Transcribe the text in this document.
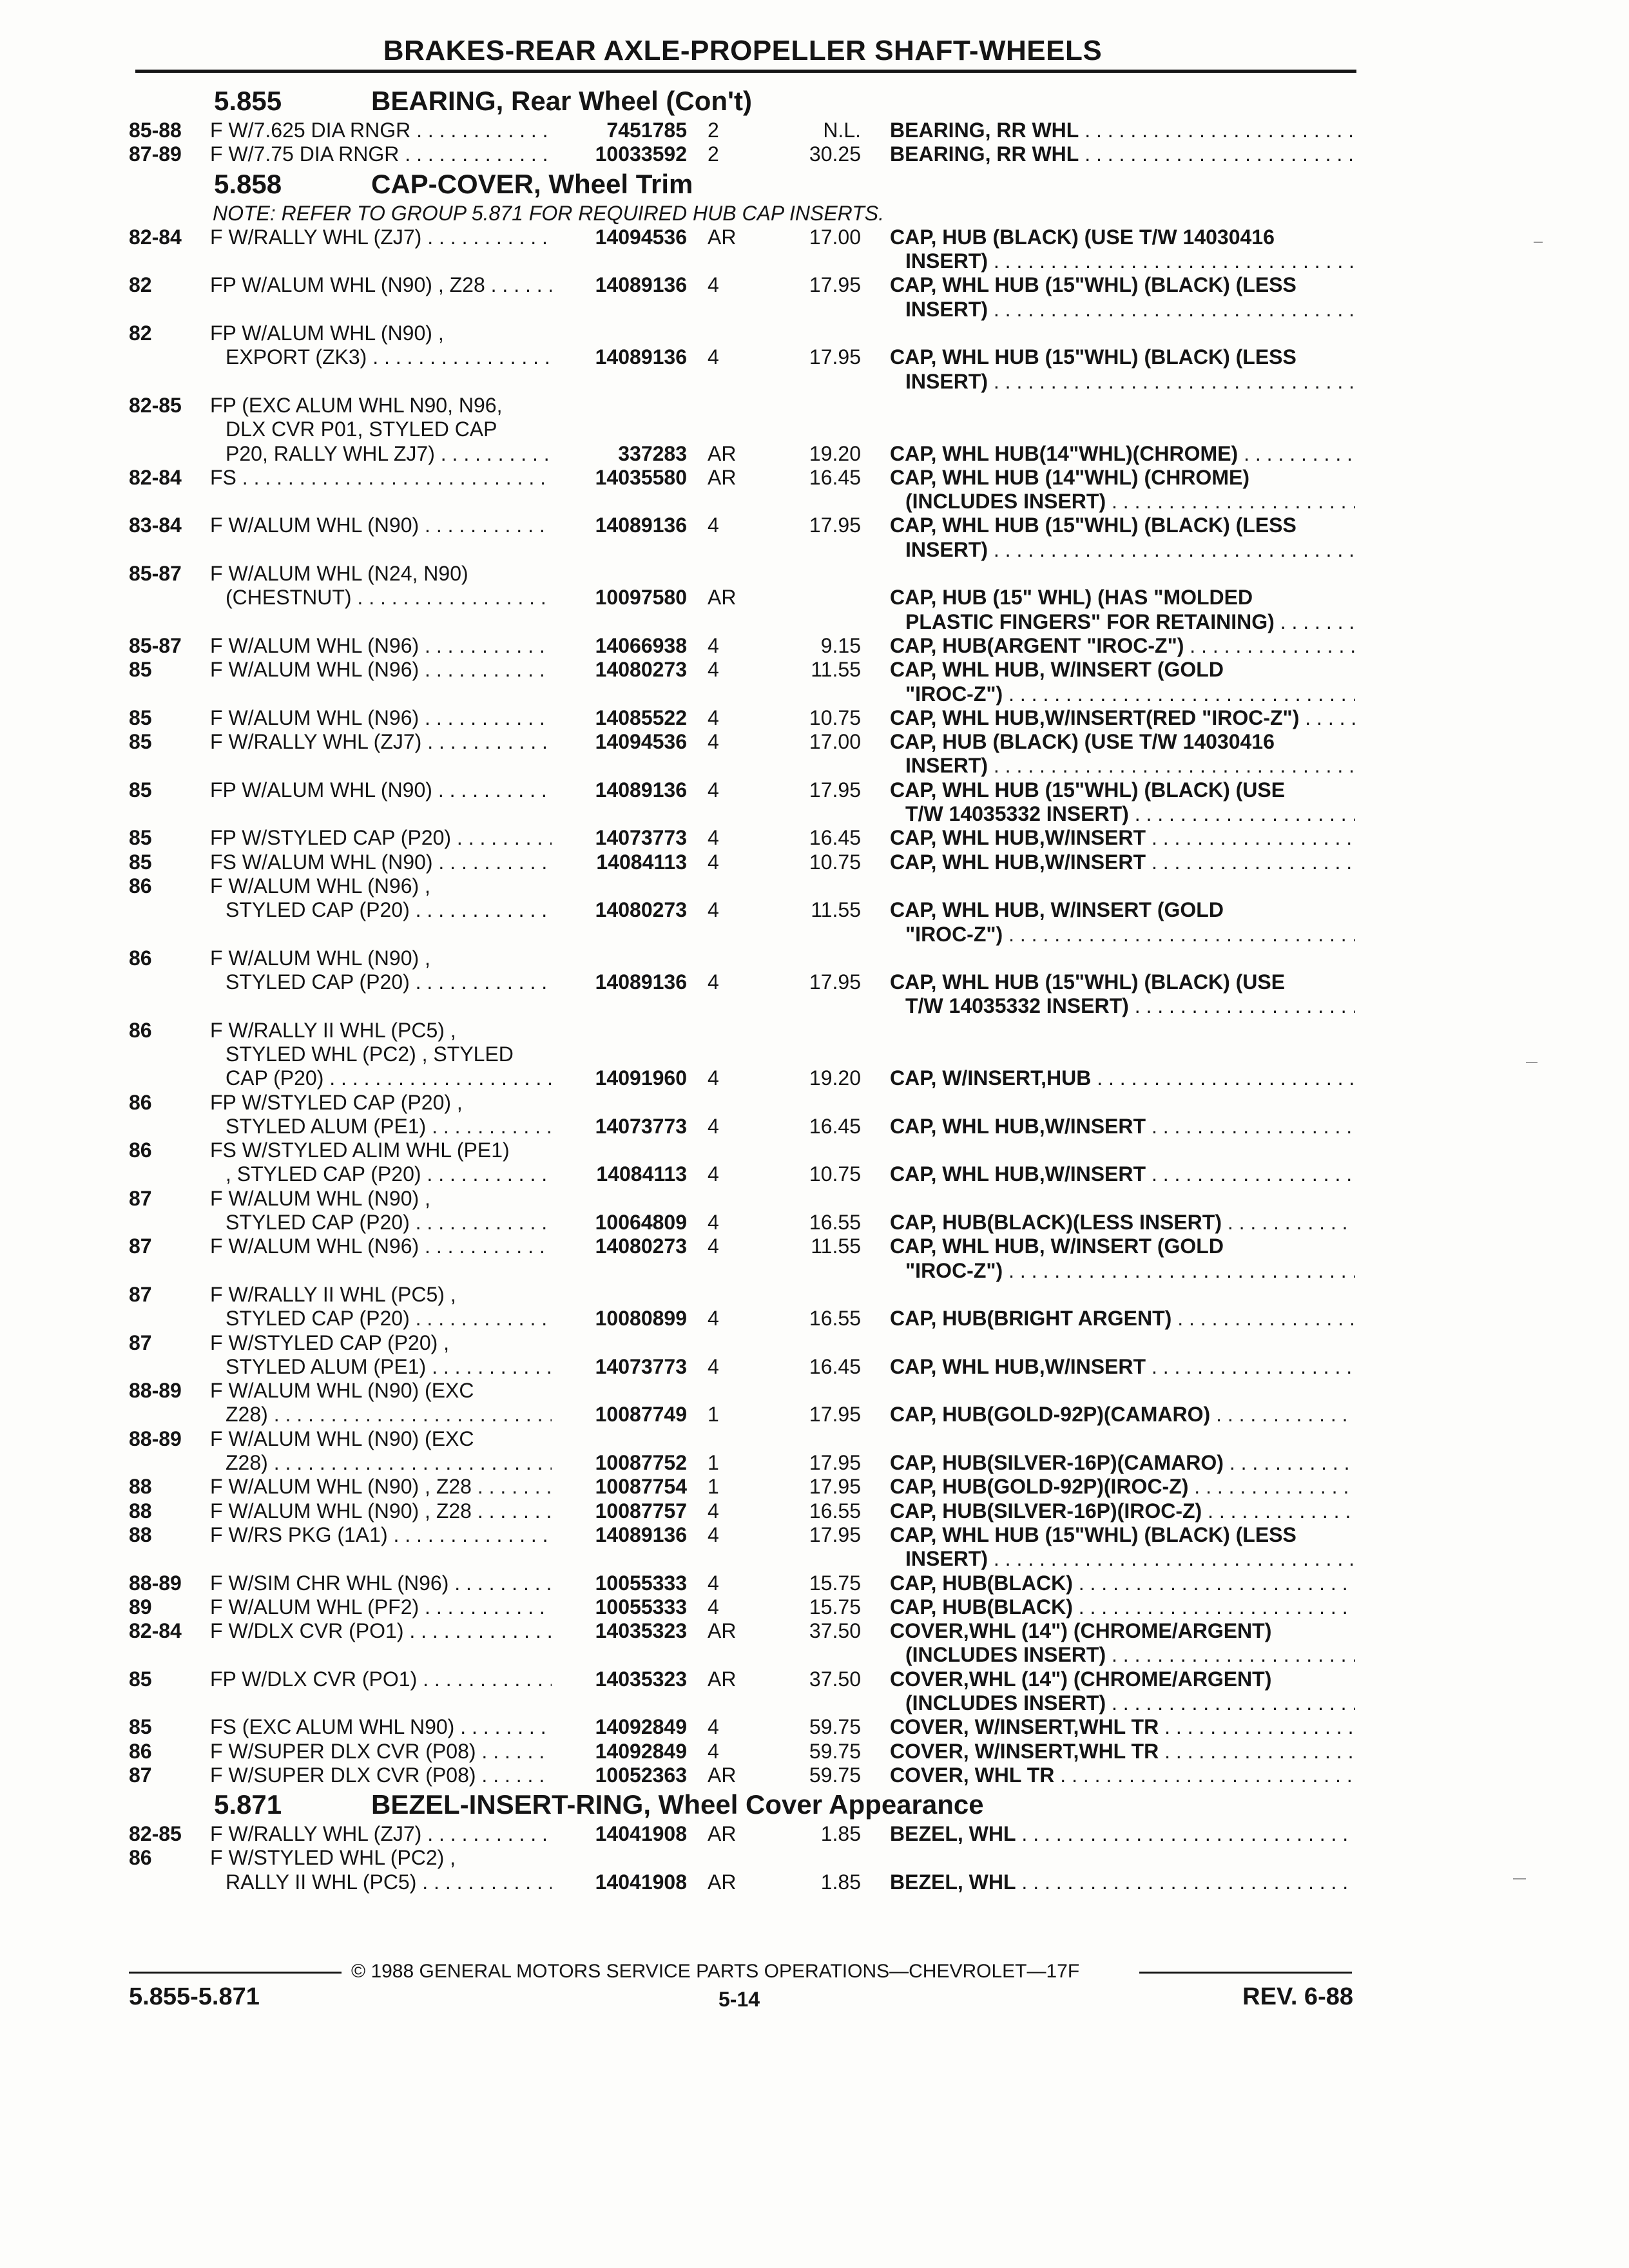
BRAKES-REAR AXLE-PROPELLER SHAFT-WHEELS
5.855	BEARING, Rear Wheel (Con't)
85-88 F W/7.625 DIA RNGR . . .	7451785 2	N.L. BEARING, RR WHL . . .
87-89 F W/7.75 DIA RNGR . . .	10033592 2	30.25 BEARING, RR WHL . . .
5.858	CAP-COVER, Wheel Trim
NOTE: REFER TO GROUP 5.871 FOR REQUIRED HUB CAP INSERTS.
82-84 F W/RALLY WHL (ZJ7) . . .	14094536 AR	17.00 CAP, HUB (BLACK) (USE T/W 14030416
INSERT) . . .
82	FP W/ALUM WHL (N90) , Z28 . . .	14089136 4	17.95 CAP, WHL HUB (15"WHL) (BLACK) (LESS
INSERT) . . .
82	FP W/ALUM WHL (N90) ,
EXPORT (ZK3) . . .	14089136 4	17.95 CAP, WHL HUB (15"WHL) (BLACK) (LESS
INSERT) . . .
82-85 FP (EXC ALUM WHL N90, N96,
DLX CVR P01, STYLED CAP
P20, RALLY WHL ZJ7) . . .	337283 AR	19.20 CAP, WHL HUB(14"WHL)(CHROME) . . .
82-84 FS . . .	14035580 AR	16.45 CAP, WHL HUB (14"WHL) (CHROME)
(INCLUDES INSERT) . . .
83-84 F W/ALUM WHL (N90) . . .	14089136 4	17.95 CAP, WHL HUB (15"WHL) (BLACK) (LESS
INSERT) . . .
85-87 F W/ALUM WHL (N24, N90)
(CHESTNUT) . . .	10097580 AR	CAP, HUB (15" WHL) (HAS "MOLDED
PLASTIC FINGERS" FOR RETAINING) . . .
85-87 F W/ALUM WHL (N96) . . .	14066938 4	9.15 CAP, HUB(ARGENT "IROC-Z") . . .
85	F W/ALUM WHL (N96) . . .	14080273 4	11.55 CAP, WHL HUB, W/INSERT (GOLD
"IROC-Z") . . .
85	F W/ALUM WHL (N96) . . .	14085522 4	10.75 CAP, WHL HUB,W/INSERT(RED "IROC-Z") . . .
85	F W/RALLY WHL (ZJ7) . . .	14094536 4	17.00 CAP, HUB (BLACK) (USE T/W 14030416
INSERT) . . .
85	FP W/ALUM WHL (N90) . . .	14089136 4	17.95 CAP, WHL HUB (15"WHL) (BLACK) (USE
T/W 14035332 INSERT) . . .
85	FP W/STYLED CAP (P20) . . .	14073773 4	16.45 CAP, WHL HUB,W/INSERT . . .
85	FS W/ALUM WHL (N90) . . .	14084113 4	10.75 CAP, WHL HUB,W/INSERT . . .
86	F W/ALUM WHL (N96) ,
STYLED CAP (P20) . . .	14080273 4	11.55 CAP, WHL HUB, W/INSERT (GOLD
"IROC-Z") . . .
86	F W/ALUM WHL (N90) ,
STYLED CAP (P20) . . .	14089136 4	17.95 CAP, WHL HUB (15"WHL) (BLACK) (USE
T/W 14035332 INSERT) . . .
86	F W/RALLY II WHL (PC5) ,
STYLED WHL (PC2) , STYLED
CAP (P20) . . .	14091960 4	19.20 CAP, W/INSERT,HUB . . .
86	FP W/STYLED CAP (P20) ,
STYLED ALUM (PE1) . . .	14073773 4	16.45 CAP, WHL HUB,W/INSERT . . .
86	FS W/STYLED ALIM WHL (PE1)
, STYLED CAP (P20) . . .	14084113 4	10.75 CAP, WHL HUB,W/INSERT . . .
87	F W/ALUM WHL (N90) ,
STYLED CAP (P20) . . .	10064809 4	16.55 CAP, HUB(BLACK)(LESS INSERT) . . .
87	F W/ALUM WHL (N96) . . .	14080273 4	11.55 CAP, WHL HUB, W/INSERT (GOLD
"IROC-Z") . . .
87	F W/RALLY II WHL (PC5) ,
STYLED CAP (P20) . . .	10080899 4	16.55 CAP, HUB(BRIGHT ARGENT) . . .
87	F W/STYLED CAP (P20) ,
STYLED ALUM (PE1) . . .	14073773 4	16.45 CAP, WHL HUB,W/INSERT . . .
88-89 F W/ALUM WHL (N90) (EXC
Z28) . . .	10087749 1	17.95 CAP, HUB(GOLD-92P)(CAMARO) . . .
88-89 F W/ALUM WHL (N90) (EXC
Z28) . . .	10087752 1	17.95 CAP, HUB(SILVER-16P)(CAMARO) . . .
88	F W/ALUM WHL (N90) , Z28 . . .	10087754 1	17.95 CAP, HUB(GOLD-92P)(IROC-Z) . . .
88	F W/ALUM WHL (N90) , Z28 . . .	10087757 4	16.55 CAP, HUB(SILVER-16P)(IROC-Z) . . .
88	F W/RS PKG (1A1) . . .	14089136 4	17.95 CAP, WHL HUB (15"WHL) (BLACK) (LESS
INSERT) . . .
88-89 F W/SIM CHR WHL (N96) . . .	10055333 4	15.75 CAP, HUB(BLACK) . . .
89	F W/ALUM WHL (PF2) . . .	10055333 4	15.75 CAP, HUB(BLACK) . . .
82-84 F W/DLX CVR (PO1) . . .	14035323 AR	37.50 COVER,WHL (14") (CHROME/ARGENT)
(INCLUDES INSERT) . . .
85	FP W/DLX CVR (PO1) . . .	14035323 AR	37.50 COVER,WHL (14") (CHROME/ARGENT)
(INCLUDES INSERT) . . .
85	FS (EXC ALUM WHL N90) . . .	14092849 4	59.75 COVER, W/INSERT,WHL TR . . .
86	F W/SUPER DLX CVR (P08) . . .	14092849 4	59.75 COVER, W/INSERT,WHL TR . . .
87	F W/SUPER DLX CVR (P08) . . .	10052363 AR	59.75 COVER, WHL TR . . .
5.871	BEZEL-INSERT-RING, Wheel Cover Appearance
82-85 F W/RALLY WHL (ZJ7) . . .	14041908 AR	1.85 BEZEL, WHL . . .
86	F W/STYLED WHL (PC2) ,
RALLY II WHL (PC5) . . .	14041908 AR	1.85 BEZEL, WHL . . .
© 1988 GENERAL MOTORS SERVICE PARTS OPERATIONS—CHEVROLET—17F
5.855-5.871	5-14	REV. 6-88
